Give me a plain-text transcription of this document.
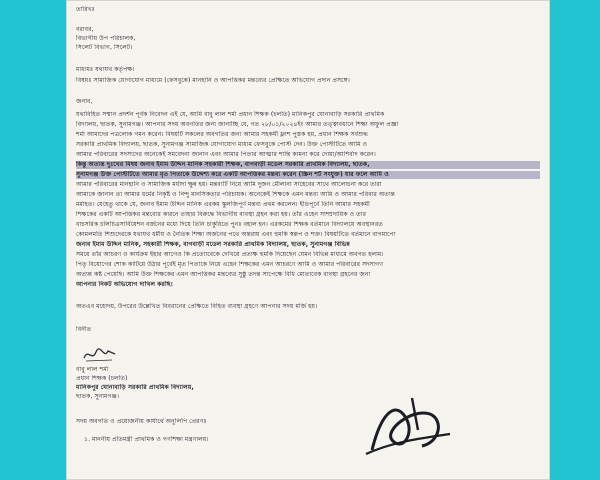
তারিখঃ
বরাবর,
বিভাগীয় উপ পরিচালক,
সিলেট বিভাগ, সিলেট।
মাধ্যমঃ যথাযথ কর্তৃপক্ষ।
বিষয়ঃ সামাজিক যোগাযোগ মাধ্যমে (ফেসবুকে) মানহানি ও আপত্তিকর মন্তব্যের প্রেক্ষিতে অভিযোগ প্রদান প্রসঙ্গে।
জনাব,
যথাবিহিত সম্মান প্রদর্শন পূর্বক নিবেদন এই যে, আমি বাবু লাল শর্মা প্রধান শিক্ষক (চলতি) মানিকপুর ঘোনাবাড়ি সরকারি প্রাথমিক
বিদ্যালয়, ছাতক, সুনামগঞ্জ। আপনার সদয় অবগতির জন্য জানাচ্ছি যে, গত ২৮/০১/২০২৪ইং আমার তত্ত্বাবধানে শিক্ষা অফুল প্রজ্ঞা
শর্মা আমাদের পত্রলোক গমন করেন। বিষয়টি সকলের অবগতির জন্য আমার সহকর্মী ফ্লাশ পুস্তক হয়, প্রধান শিক্ষক সর্বশুদ্ধ
সরকারি প্রাথমিক বিদ্যালয়, ছাতক, সুনামগঞ্জ সামাজিক যোগাযোগ মাধ্যম ফেসবুকে পোস্ট দেন। উক্ত পোস্টটিতে আমি ও
আমার পরিবারের সদস্যদের অনেকেই সমবেদনা জানান এবং আমার পিতার আত্মার শান্তি কামনা করে দোয়া/আশির্বাদ করেন।
কিন্তু অত্যন্ত দুঃখের বিষয় জনাব ইমাম উদ্দিন মানিক সহকারী শিক্ষক, বাগবাড়ী মডেল সরকারি প্রাথমিক বিদ্যালয়, ছাতক,
সুনামগঞ্জ উক্ত পোস্টটিতে আমার মৃত পিতাকে উদ্দেশ্য করে একটি আপত্তিকর মন্তব্য করেন (স্ক্রিন শর্ট সংযুক্ত) যার ফলে আমি ও
আমার পরিবারের মানহানি ও সামাজিক মর্যাদা ক্ষুন্ন হয়। মন্তব্যটি নিয়ে আমি দুজন মৌলানা সাহেবের সাথে আলোচনা করে তারা
আমাকে জানান তা আমার ধর্মের নিকৃষ্ট ও নিন্দু মানসিকতার পরিচায়ক। অনেকেই শিক্ষকে এমন মন্তব্য আমি ও আমার পরিবার অত্যন্ত
মর্মাহত। যেহেতু থাকে যে, জনাব ইমাম উদ্দিন মানিক এরকম স্কুলজিপূর্ণ মন্তব্য প্রথম করলেন। ইতিপূর্বে তিনি আমার সহকর্মী
শিক্ষকের একটি আপত্তিকর মন্তব্যের কারনে তাহার বিরুদ্ধে বিভাগীয় ব্যবস্থা গ্রহন করা হয়। তাঁর এহেন সাম্প্রদায়িক ও তার
বাচসরিক চলিচিত্রসার্বিয়েশন বর্জনের মধ্যে দিয়ে তিনি চাকুরিতে পুনঃ বহাল হন। এরকমের শিক্ষক বর্তমানে বিদ্যালয়ে অবস্থানরত
কোমলমতি শিশুদেরকে যথাযথ ধর্মীয় ও নৈতিক শিক্ষা অর্জনের পথে অন্তরায় এবং হুমকি স্বরূপ ও শক্ত। বিষয়টিতে বর্তমানে বাগমাপো
জনাব ইমাম উদ্দিন মানিক, সহকারী শিক্ষক, বাগবাড়ী মডেল সরকারি প্রাথমিক বিদ্যালয়, ছাতক, সুনামগঞ্জ বিভিন্ন
সময়ে তাঁর আচরণ ও কার্যক্রম ইহার আগেও কি প্রত্যোবেকে দেখিয়ে প্রত্যক্ষ হুমকি দিয়েছেন যেমন বিভিন্ন মাধ্যমে অবগত হলাম।
পিতৃ বিয়োগের শোক কাটিয়ে উঠার পূর্বেই মৃত পিতাকে নিয়ে এহেন শিক্ষকের এমন আচরণে আমি ও আমার পরিবারের সদস্যগণ
অত্যন্ত কষ্ট পেয়েছি। আমি উক্ত শিক্ষকের এমন আপত্তিকর মন্তব্যের সুষ্ঠু তদন্ত সাপেক্ষে বিধি মোতাবেক ব্যবস্থা গ্রহনের জন্য
আপনার নিকট অভিযোগ দাখিল করছি।
অতএব মহোদয়, উপরের উল্লেখিত বিবরানের প্রেক্ষিতে বিহিত ব্যবস্থা গ্রহণে আপনার সদয় মর্জি হয়।
বিনীত
বাবু লাল শর্মা
প্রধান শিক্ষক (চলতি)
মানিকপুর ঘোনাবাড়ি সরকারি প্রাথমিক বিদ্যালয়,
ছাতক, সুনামগঞ্জ।
সদয় অবগতি ও প্রয়োজনীয় কার্যার্থে অনুলিপি প্রেরণঃ
১. মাননীয় প্রতিমন্ত্রী প্রাথমিক ও গণশিক্ষা মন্ত্রণালয়।
